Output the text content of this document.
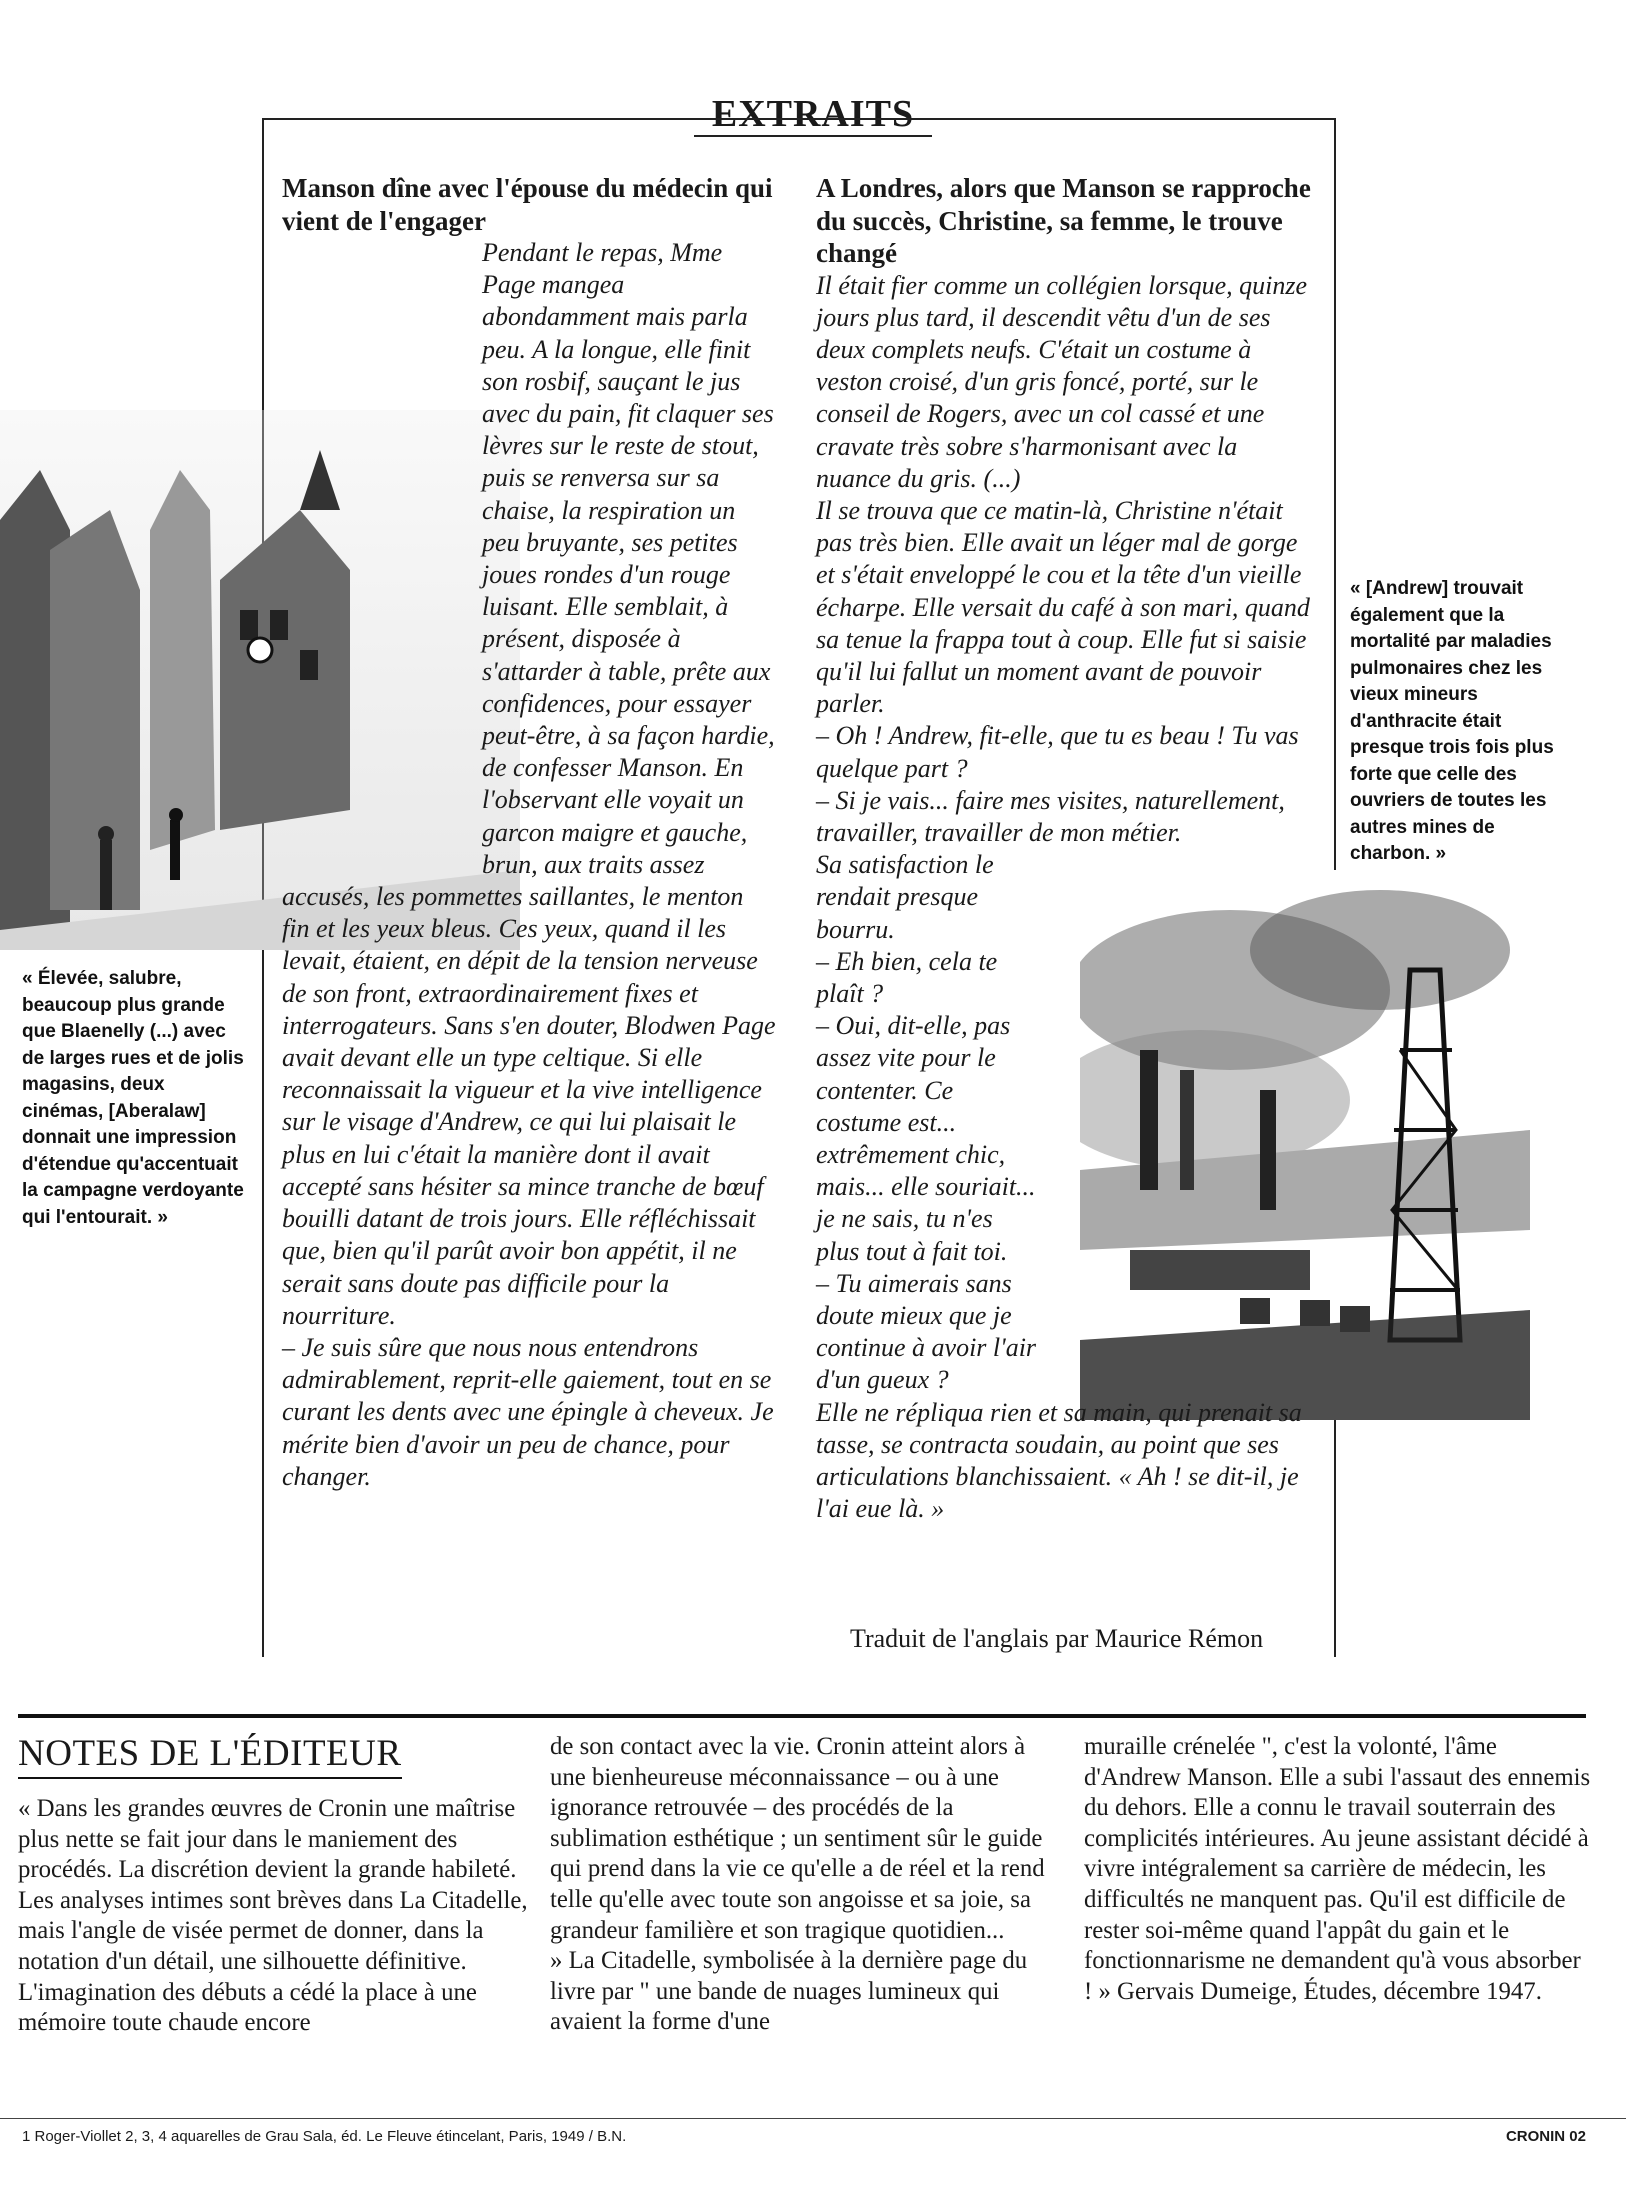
EXTRAITS
Manson dîne avec l'épouse du médecin qui vient de l'engager

Pendant le repas, Mme Page mangea abondamment mais parla peu. A la longue, elle finit son rosbif, sauçant le jus avec du pain, fit claquer ses lèvres sur le reste de stout, puis se renversa sur sa chaise, la respiration un peu bruyante, ses petites joues rondes d'un rouge luisant. Elle semblait, à présent, disposée à s'attarder à table, prête aux confidences, pour essayer peut-être, à sa façon hardie, de confesser Manson. En l'observant elle voyait un garcon maigre et gauche, brun, aux traits assez accusés, les pommettes saillantes, le menton fin et les yeux bleus. Ces yeux, quand il les levait, étaient, en dépit de la tension nerveuse de son front, extraordinairement fixes et interrogateurs. Sans s'en douter, Blodwen Page avait devant elle un type celtique. Si elle reconnaissait la vigueur et la vive intelligence sur le visage d'Andrew, ce qui lui plaisait le plus en lui c'était la manière dont il avait accepté sans hésiter sa mince tranche de bœuf bouilli datant de trois jours. Elle réfléchissait que, bien qu'il parût avoir bon appétit, il ne serait sans doute pas difficile pour la nourriture.

– Je suis sûre que nous nous entendrons admirablement, reprit-elle gaiement, tout en se curant les dents avec une épingle à cheveux. Je mérite bien d'avoir un peu de chance, pour changer.

A Londres, alors que Manson se rapproche du succès, Christine, sa femme, le trouve changé

Il était fier comme un collégien lorsque, quinze jours plus tard, il descendit vêtu d'un de ses deux complets neufs. C'était un costume à veston croisé, d'un gris foncé, porté, sur le conseil de Rogers, avec un col cassé et une cravate très sobre s'harmonisant avec la nuance du gris. (...)

Il se trouva que ce matin-là, Christine n'était pas très bien. Elle avait un léger mal de gorge et s'était enveloppé le cou et la tête d'un vieille écharpe. Elle versait du café à son mari, quand sa tenue la frappa tout à coup. Elle fut si saisie qu'il lui fallut un moment avant de pouvoir parler.

– Oh ! Andrew, fit-elle, que tu es beau ! Tu vas quelque part ?

– Si je vais... faire mes visites, naturellement, travailler, travailler de mon métier.

Sa satisfaction le rendait presque bourru.

– Eh bien, cela te plaît ?

– Oui, dit-elle, pas assez vite pour le contenter. Ce costume est... extrêmement chic, mais... elle souriait... je ne sais, tu n'es plus tout à fait toi.

– Tu aimerais sans doute mieux que je continue à avoir l'air d'un gueux ?

Elle ne répliqua rien et sa main, qui prenait sa tasse, se contracta soudain, au point que ses articulations blanchissaient. « Ah ! se dit-il, je l'ai eue là. »

« Élevée, salubre, beaucoup plus grande que Blaenelly (...) avec de larges rues et de jolis magasins, deux cinémas, [Aberalaw] donnait une impression d'étendue qu'accentuait la campagne verdoyante qui l'entourait. »
« [Andrew] trouvait également que la mortalité par maladies pulmonaires chez les vieux mineurs d'anthracite était presque trois fois plus forte que celle des ouvriers de toutes les autres mines de charbon. »
Traduit de l'anglais par Maurice Rémon
NOTES DE L'ÉDITEUR

« Dans les grandes œuvres de Cronin une maîtrise plus nette se fait jour dans le maniement des procédés. La discrétion devient la grande habileté. Les analyses intimes sont brèves dans La Citadelle, mais l'angle de visée permet de donner, dans la notation d'un détail, une silhouette définitive. L'imagination des débuts a cédé la place à une mémoire toute chaude encore

de son contact avec la vie. Cronin atteint alors à une bienheureuse méconnaissance – ou à une ignorance retrouvée – des procédés de la sublimation esthétique ; un sentiment sûr le guide qui prend dans la vie ce qu'elle a de réel et la rend telle qu'elle avec toute son angoisse et sa joie, sa grandeur familière et son tragique quotidien...

» La Citadelle, symbolisée à la dernière page du livre par " une bande de nuages lumineux qui avaient la forme d'une

muraille crénelée ", c'est la volonté, l'âme d'Andrew Manson. Elle a subi l'assaut des ennemis du dehors. Elle a connu le travail souterrain des complicités intérieures. Au jeune assistant décidé à vivre intégralement sa carrière de médecin, les difficultés ne manquent pas. Qu'il est difficile de rester soi-même quand l'appât du gain et le fonctionnarisme ne demandent qu'à vous absorber ! » Gervais Dumeige, Études, décembre 1947.

1 Roger-Viollet 2, 3, 4 aquarelles de Grau Sala, éd. Le Fleuve étincelant, Paris, 1949 / B.N.	CRONIN 02
